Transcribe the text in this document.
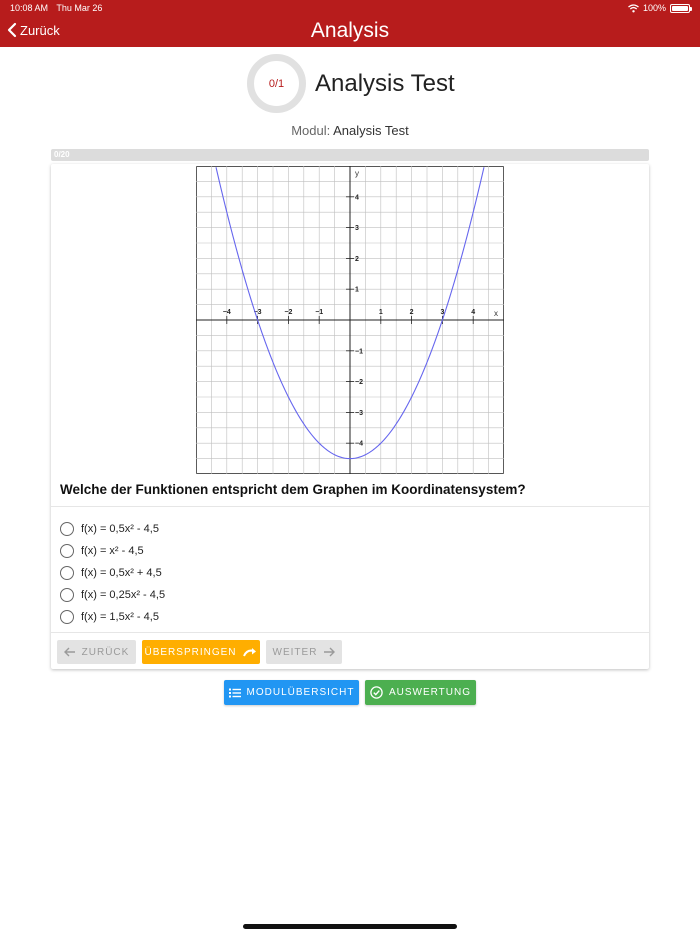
10:08 AM Thu Mar 26	100%
Zurück	Analysis
0/1 Analysis Test
Modul: Analysis Test
0/20
x
y
−4	−3	−2	−1	1	2	3	4
4
3
2
1
−1
−2
−3
−4
Welche der Funktionen entspricht dem Graphen im Koordinatensystem?
f(x) = 0,5x² - 4,5
f(x) = x² - 4,5
f(x) = 0,5x² + 4,5
f(x) = 0,25x² - 4,5
f(x) = 1,5x² - 4,5
ZURÜCK ÜBERSPRINGEN	WEITER
MODULÜBERSICHT	AUSWERTUNG
